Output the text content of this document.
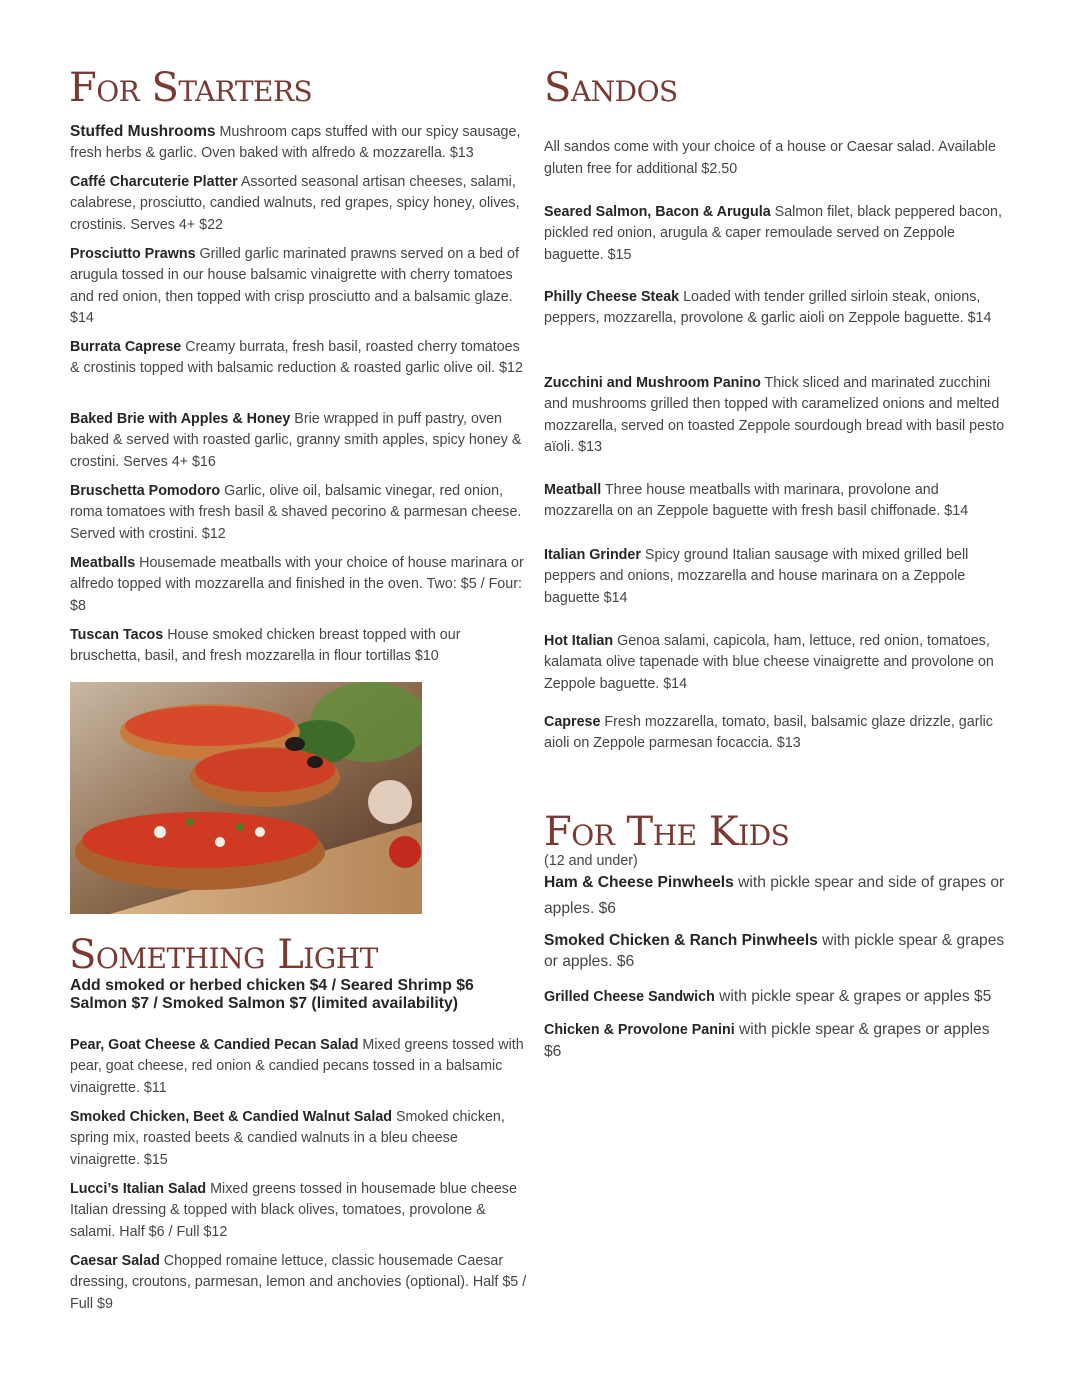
For Starters

Stuffed Mushrooms Mushroom caps stuffed with our spicy sausage, fresh herbs & garlic. Oven baked with alfredo & mozzarella. $13

Caffé Charcuterie Platter Assorted seasonal artisan cheeses, salami, calabrese, prosciutto, candied walnuts, red grapes, spicy honey, olives, crostinis. Serves 4+ $22

Prosciutto Prawns Grilled garlic marinated prawns served on a bed of arugula tossed in our house balsamic vinaigrette with cherry tomatoes and red onion, then topped with crisp prosciutto and a balsamic glaze. $14

Burrata Caprese Creamy burrata, fresh basil, roasted cherry tomatoes & crostinis topped with balsamic reduction & roasted garlic olive oil. $12

Baked Brie with Apples & Honey Brie wrapped in puff pastry, oven baked & served with roasted garlic, granny smith apples, spicy honey & crostini. Serves 4+ $16

Bruschetta Pomodoro Garlic, olive oil, balsamic vinegar, red onion, roma tomatoes with fresh basil & shaved pecorino & parmesan cheese. Served with crostini. $12

Meatballs Housemade meatballs with your choice of house marinara or alfredo topped with mozzarella and finished in the oven. Two: $5 / Four: $8

Tuscan Tacos House smoked chicken breast topped with our bruschetta, basil, and fresh mozzarella in flour tortillas $10

Something Light

Add smoked or herbed chicken $4 / Seared Shrimp $6 Salmon $7 / Smoked Salmon $7 (limited availability)

Pear, Goat Cheese & Candied Pecan Salad Mixed greens tossed with pear, goat cheese, red onion & candied pecans tossed in a balsamic vinaigrette. $11

Smoked Chicken, Beet & Candied Walnut Salad Smoked chicken, spring mix, roasted beets & candied walnuts in a bleu cheese vinaigrette. $15

Lucci’s Italian Salad Mixed greens tossed in housemade blue cheese Italian dressing & topped with black olives, tomatoes, provolone & salami. Half $6 / Full $12

Caesar Salad Chopped romaine lettuce, classic housemade Caesar dressing, croutons, parmesan, lemon and anchovies (optional). Half $5 / Full $9

Sandos

All sandos come with your choice of a house or Caesar salad. Available gluten free for additional $2.50

Seared Salmon, Bacon & Arugula Salmon filet, black peppered bacon, pickled red onion, arugula & caper remoulade served on Zeppole baguette. $15

Philly Cheese Steak Loaded with tender grilled sirloin steak, onions, peppers, mozzarella, provolone & garlic aioli on Zeppole baguette. $14

Zucchini and Mushroom Panino Thick sliced and marinated zucchini and mushrooms grilled then topped with caramelized onions and melted mozzarella, served on toasted Zeppole sourdough bread with basil pesto aïoli. $13

Meatball Three house meatballs with marinara, provolone and mozzarella on an Zeppole baguette with fresh basil chiffonade. $14

Italian Grinder Spicy ground Italian sausage with mixed grilled bell peppers and onions, mozzarella and house marinara on a Zeppole baguette $14

Hot Italian Genoa salami, capicola, ham, lettuce, red onion, tomatoes, kalamata olive tapenade with blue cheese vinaigrette and provolone on Zeppole baguette. $14

Caprese Fresh mozzarella, tomato, basil, balsamic glaze drizzle, garlic aioli on Zeppole parmesan focaccia. $13

For The Kids

(12 and under)

Ham & Cheese Pinwheels with pickle spear and side of grapes or apples. $6

Smoked Chicken & Ranch Pinwheels with pickle spear & grapes or apples. $6

Grilled Cheese Sandwich with pickle spear & grapes or apples $5

Chicken & Provolone Panini with pickle spear & grapes or apples $6
